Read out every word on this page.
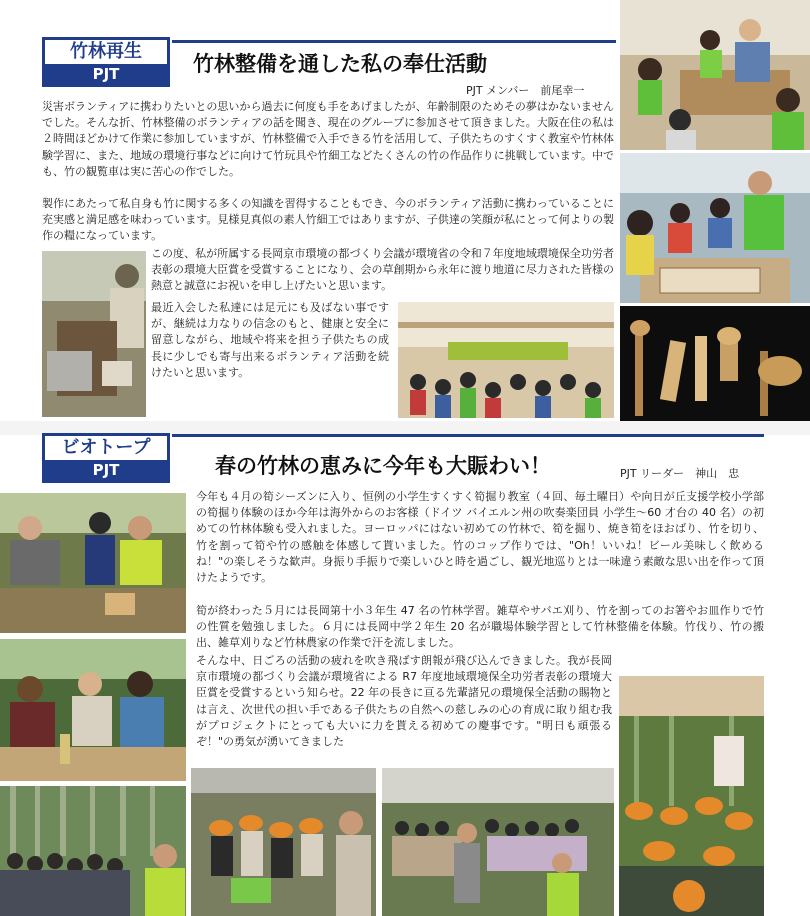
竹林再生
PJT	竹林整備を通した私の奉仕活動
PJT メンバー　前尾幸一
災害ボランティアに携わりたいとの思いから過去に何度も手をあげましたが、年齢制限のためその夢はかないませんでした。そんな折、竹林整備のボランティアの話を聞き、現在のグループに参加させて頂きました。大阪在住の私は２時間ほどかけて作業に参加していますが、竹林整備で入手できる竹を活用して、子供たちのすくすく教室や竹林体験学習に、また、地域の環境行事などに向けて竹玩具や竹細工などたくさんの竹の作品作りに挑戦しています。中でも、竹の観覧車は実に苦心の作でした。
製作にあたって私自身も竹に関する多くの知識を習得することもでき、今のボランティア活動に携わっていることに充実感と満足感を味わっています。見様見真似の素人竹細工ではありますが、子供達の笑顔が私にとって何よりの製作の糧になっています。
この度、私が所属する長岡京市環境の都づくり会議が環境省の令和７年度地域環境保全功労者表彰の環境大臣賞を受賞することになり、会の草創期から永年に渡り地道に尽力された皆様の熱意と誠意にお祝いを申し上げたいと思います。
最近入会した私達には足元にも及ばない事ですが、継続は力なりの信念のもと、健康と安全に留意しながら、地域や将来を担う子供たちの成長に少しでも寄与出来るボランティア活動を続けたいと思います。
ビオトープ
PJT	春の竹林の恵みに今年も大賑わい！	PJT リーダー　神山　忠
今年も４月の筍シーズンに入り、恒例の小学生すくすく筍掘り教室（４回、毎土曜日）や向日が丘支援学校小学部の筍掘り体験のほか今年は海外からのお客様（ドイツ バイエルン州の吹奏楽団員 小学生～60 才台の 40 名）の初めての竹林体験も受入れました。ヨーロッパにはない初めての竹林で、筍を掘り、焼き筍をほおばり、竹を切り、竹を割って筍や竹の感触を体感して貰いました。竹のコップ作りでは、"Oh！いいね！ビール美味しく飲めるね！"の楽しそうな歓声。身振り手振りで楽しいひと時を過ごし、観光地巡りとは一味違う素敵な思い出を作って頂けたようです。
筍が終わった５月には長岡第十小３年生 47 名の竹林学習。雑草やサバエ刈り、竹を割ってのお箸やお皿作りで竹の性質を勉強しました。６月には長岡中学２年生 20 名が職場体験学習として竹林整備を体験。竹伐り、竹の搬出、雑草刈りなど竹林農家の作業で汗を流しました。
そんな中、日ごろの活動の疲れを吹き飛ばす朗報が飛び込んできました。我が長岡京市環境の都づくり会議が環境省による R7 年度地域環境保全功労者表彰の環境大臣賞を受賞するという知らせ。22 年の長きに亘る先輩諸兄の環境保全活動の賜物とは言え、次世代の担い手である子供たちの自然への慈しみの心の育成に取り組む我がプロジェクトにとっても大いに力を貰える初めての慶事です。"明日も頑張るぞ！"の勇気が湧いてきました
